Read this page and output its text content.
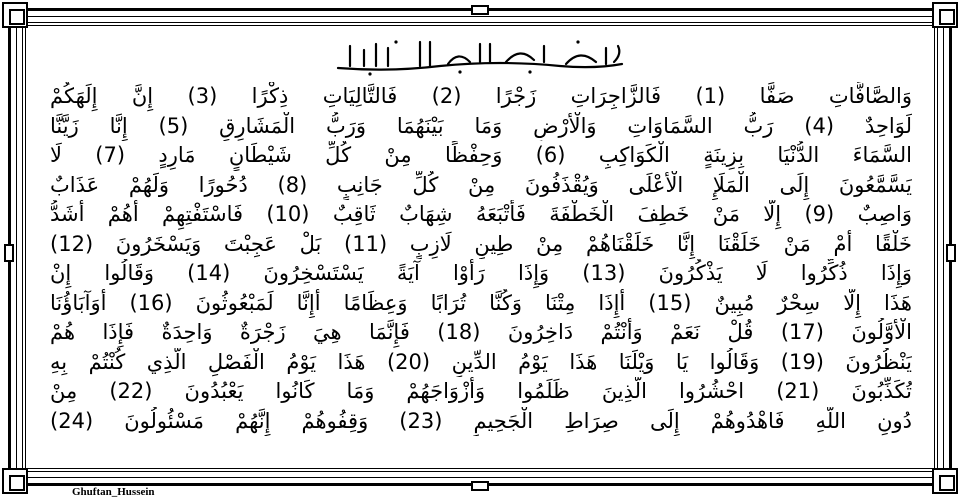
وَالصَّافَّاتِ صَفًّا (1) فَالزَّاجِرَاتِ زَجْرًا (2) فَالتَّالِيَاتِ ذِكْرًا (3) إِنَّ إِلَهَكُمْ
لَوَاحِدٌ (4) رَبُّ السَّمَاوَاتِ وَالْأَرْضِ وَمَا بَيْنَهُمَا وَرَبُّ الْمَشَارِقِ (5) إِنَّا زَيَّنَّا
السَّمَاءَ الدُّنْيَا بِزِينَةٍ الْكَوَاكِبِ (6) وَحِفْظًا مِنْ كُلِّ شَيْطَانٍ مَارِدٍ (7) لَا
يَسَّمَّعُونَ إِلَى الْمَلَإِ الْأَعْلَى وَيُقْذَفُونَ مِنْ كُلِّ جَانِبٍ (8) دُحُورًا وَلَهُمْ عَذَابٌ
وَاصِبٌ (9) إِلَّا مَنْ خَطِفَ الْخَطْفَةَ فَأَتْبَعَهُ شِهَابٌ ثَاقِبٌ (10) فَاسْتَفْتِهِمْ أَهُمْ أَشَدُّ
خَلْقًا أَمْ مَنْ خَلَقْنَا إِنَّا خَلَقْنَاهُمْ مِنْ طِينٍ لَازِبٍ (11) بَلْ عَجِبْتَ وَيَسْخَرُونَ (12)
وَإِذَا ذُكِّرُوا لَا يَذْكُرُونَ (13) وَإِذَا رَأَوْا آيَةً يَسْتَسْخِرُونَ (14) وَقَالُوا إِنْ
هَذَا إِلَّا سِحْرٌ مُبِينٌ (15) أَإِذَا مِتْنَا وَكُنَّا تُرَابًا وَعِظَامًا أَإِنَّا لَمَبْعُوثُونَ (16) أَوَآبَاؤُنَا
الْأَوَّلُونَ (17) قُلْ نَعَمْ وَأَنْتُمْ دَاخِرُونَ (18) فَإِنَّمَا هِيَ زَجْرَةٌ وَاحِدَةٌ فَإِذَا هُمْ
يَنْظُرُونَ (19) وَقَالُوا يَا وَيْلَنَا هَذَا يَوْمُ الدِّينِ (20) هَذَا يَوْمُ الْفَصْلِ الَّذِي كُنْتُمْ بِهِ
تُكَذِّبُونَ (21) احْشُرُوا الَّذِينَ ظَلَمُوا وَأَزْوَاجَهُمْ وَمَا كَانُوا يَعْبُدُونَ (22) مِنْ
دُونِ اللَّهِ فَاهْدُوهُمْ إِلَى صِرَاطِ الْجَحِيمِ (23) وَقِفُوهُمْ إِنَّهُمْ مَسْئُولُونَ (24)
Ghuftan_Hussein
